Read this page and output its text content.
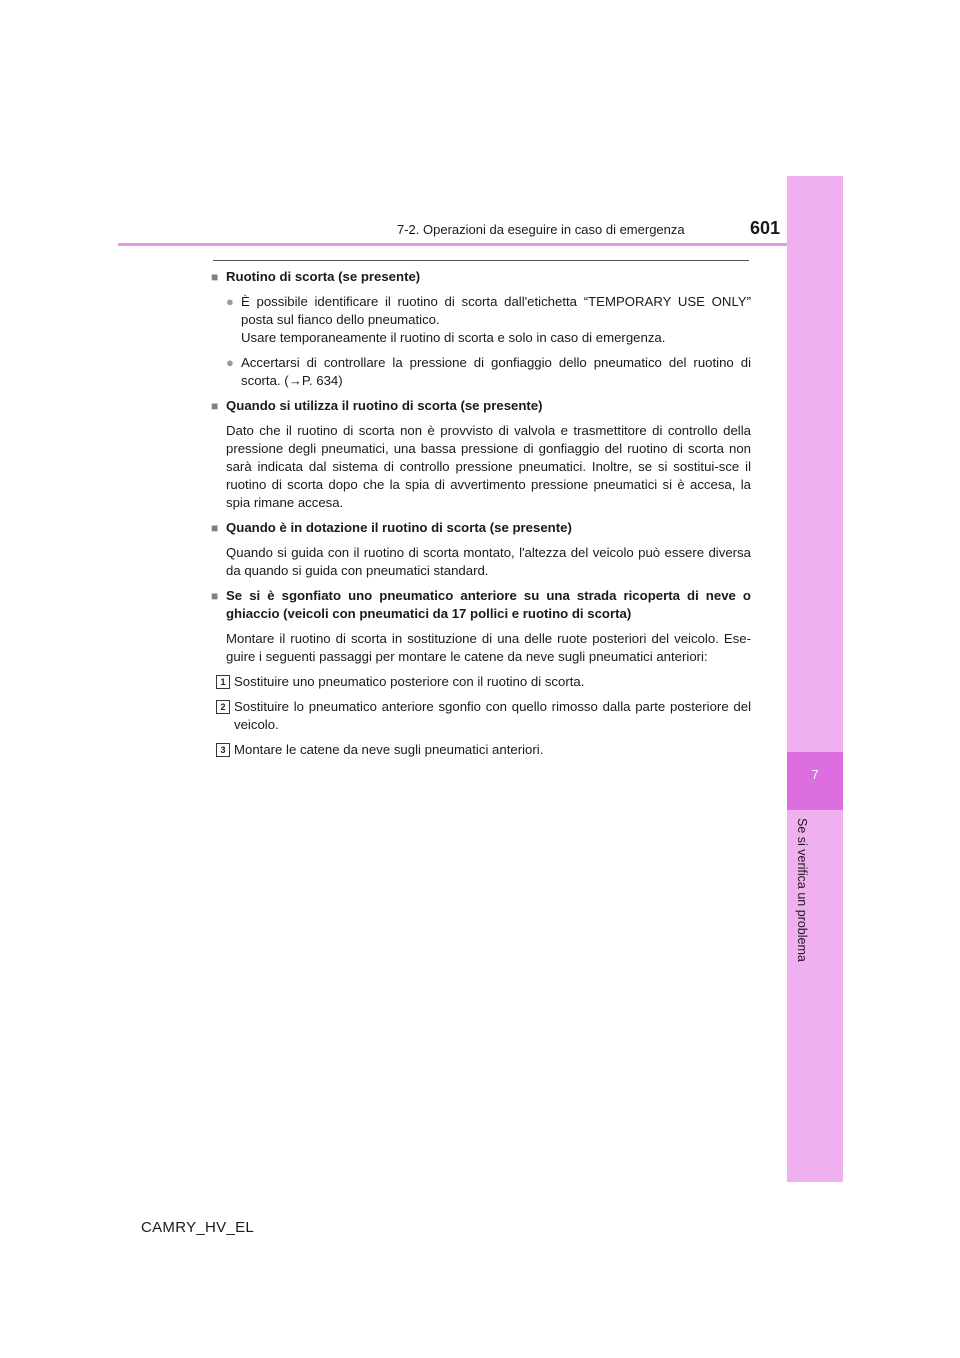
7
Se si verifica un problema
7-2. Operazioni da eseguire in caso di emergenza	601
■ Ruotino di scorta (se presente)
● È possibile identificare il ruotino di scorta dall'etichetta “TEMPORARY USE ONLY” posta sul fianco dello pneumatico.
Usare temporaneamente il ruotino di scorta e solo in caso di emergenza.
● Accertarsi di controllare la pressione di gonfiaggio dello pneumatico del ruotino di scorta. (→P. 634)
■ Quando si utilizza il ruotino di scorta (se presente)
Dato che il ruotino di scorta non è provvisto di valvola e trasmettitore di controllo della pressione degli pneumatici, una bassa pressione di gonfiaggio del ruotino di scorta non sarà indicata dal sistema di controllo pressione pneumatici. Inoltre, se si sostitui-sce il ruotino di scorta dopo che la spia di avvertimento pressione pneumatici si è accesa, la spia rimane accesa.
■ Quando è in dotazione il ruotino di scorta (se presente)
Quando si guida con il ruotino di scorta montato, l'altezza del veicolo può essere diversa da quando si guida con pneumatici standard.
■ Se si è sgonfiato uno pneumatico anteriore su una strada ricoperta di neve o ghiaccio (veicoli con pneumatici da 17 pollici e ruotino di scorta)
Montare il ruotino di scorta in sostituzione di una delle ruote posteriori del veicolo. Ese-guire i seguenti passaggi per montare le catene da neve sugli pneumatici anteriori:
1 Sostituire uno pneumatico posteriore con il ruotino di scorta.
2 Sostituire lo pneumatico anteriore sgonfio con quello rimosso dalla parte posteriore del veicolo.
3 Montare le catene da neve sugli pneumatici anteriori.
CAMRY_HV_EL
